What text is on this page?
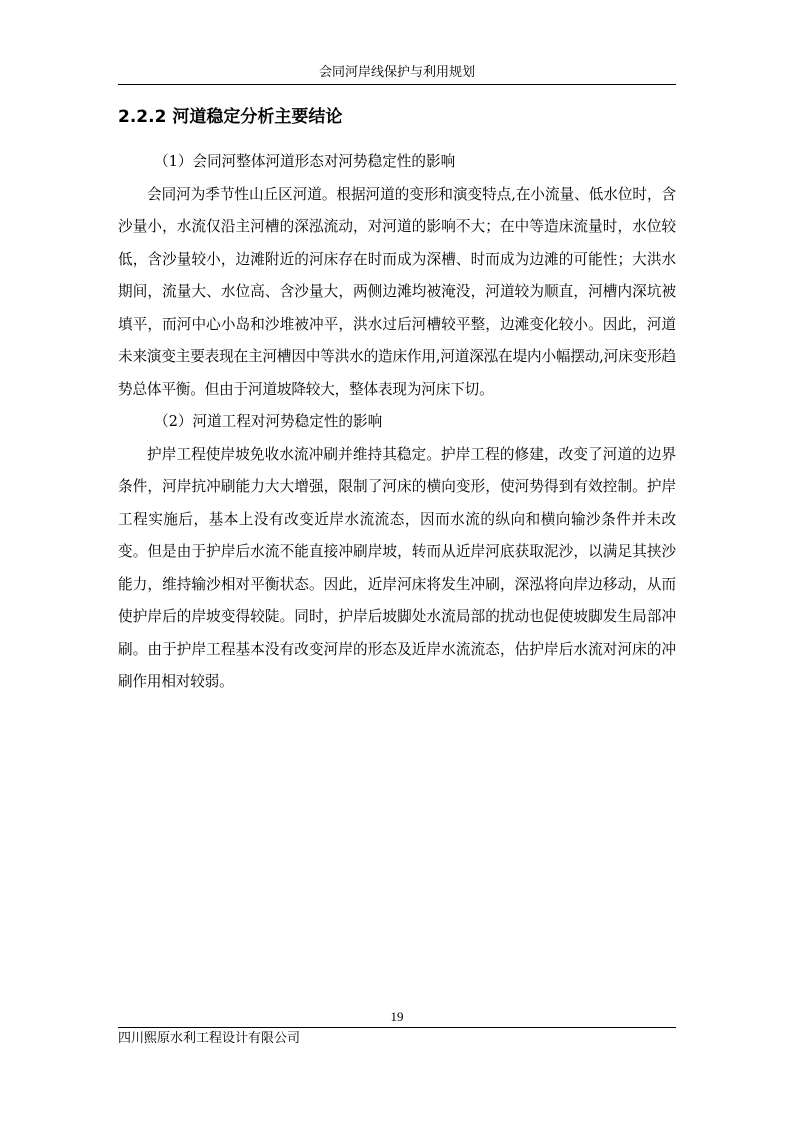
会同河岸线保护与利用规划
2.2.2 河道稳定分析主要结论

（1）会同河整体河道形态对河势稳定性的影响

会同河为季节性山丘区河道。根据河道的变形和演变特点,在小流量、低水位时，含沙量小，水流仅沿主河槽的深泓流动，对河道的影响不大；在中等造床流量时，水位较低，含沙量较小，边滩附近的河床存在时而成为深槽、时而成为边滩的可能性；大洪水期间，流量大、水位高、含沙量大，两侧边滩均被淹没，河道较为顺直，河槽内深坑被填平，而河中心小岛和沙堆被冲平，洪水过后河槽较平整，边滩变化较小。因此，河道未来演变主要表现在主河槽因中等洪水的造床作用,河道深泓在堤内小幅摆动,河床变形趋势总体平衡。但由于河道坡降较大，整体表现为河床下切。

（2）河道工程对河势稳定性的影响

护岸工程使岸坡免收水流冲刷并维持其稳定。护岸工程的修建，改变了河道的边界条件，河岸抗冲刷能力大大增强，限制了河床的横向变形，使河势得到有效控制。护岸工程实施后，基本上没有改变近岸水流流态，因而水流的纵向和横向输沙条件并未改变。但是由于护岸后水流不能直接冲刷岸坡，转而从近岸河底获取泥沙，以满足其挟沙能力，维持输沙相对平衡状态。因此，近岸河床将发生冲刷，深泓将向岸边移动，从而使护岸后的岸坡变得较陡。同时，护岸后坡脚处水流局部的扰动也促使坡脚发生局部冲刷。由于护岸工程基本没有改变河岸的形态及近岸水流流态，估护岸后水流对河床的冲刷作用相对较弱。

19
四川熙原水利工程设计有限公司
